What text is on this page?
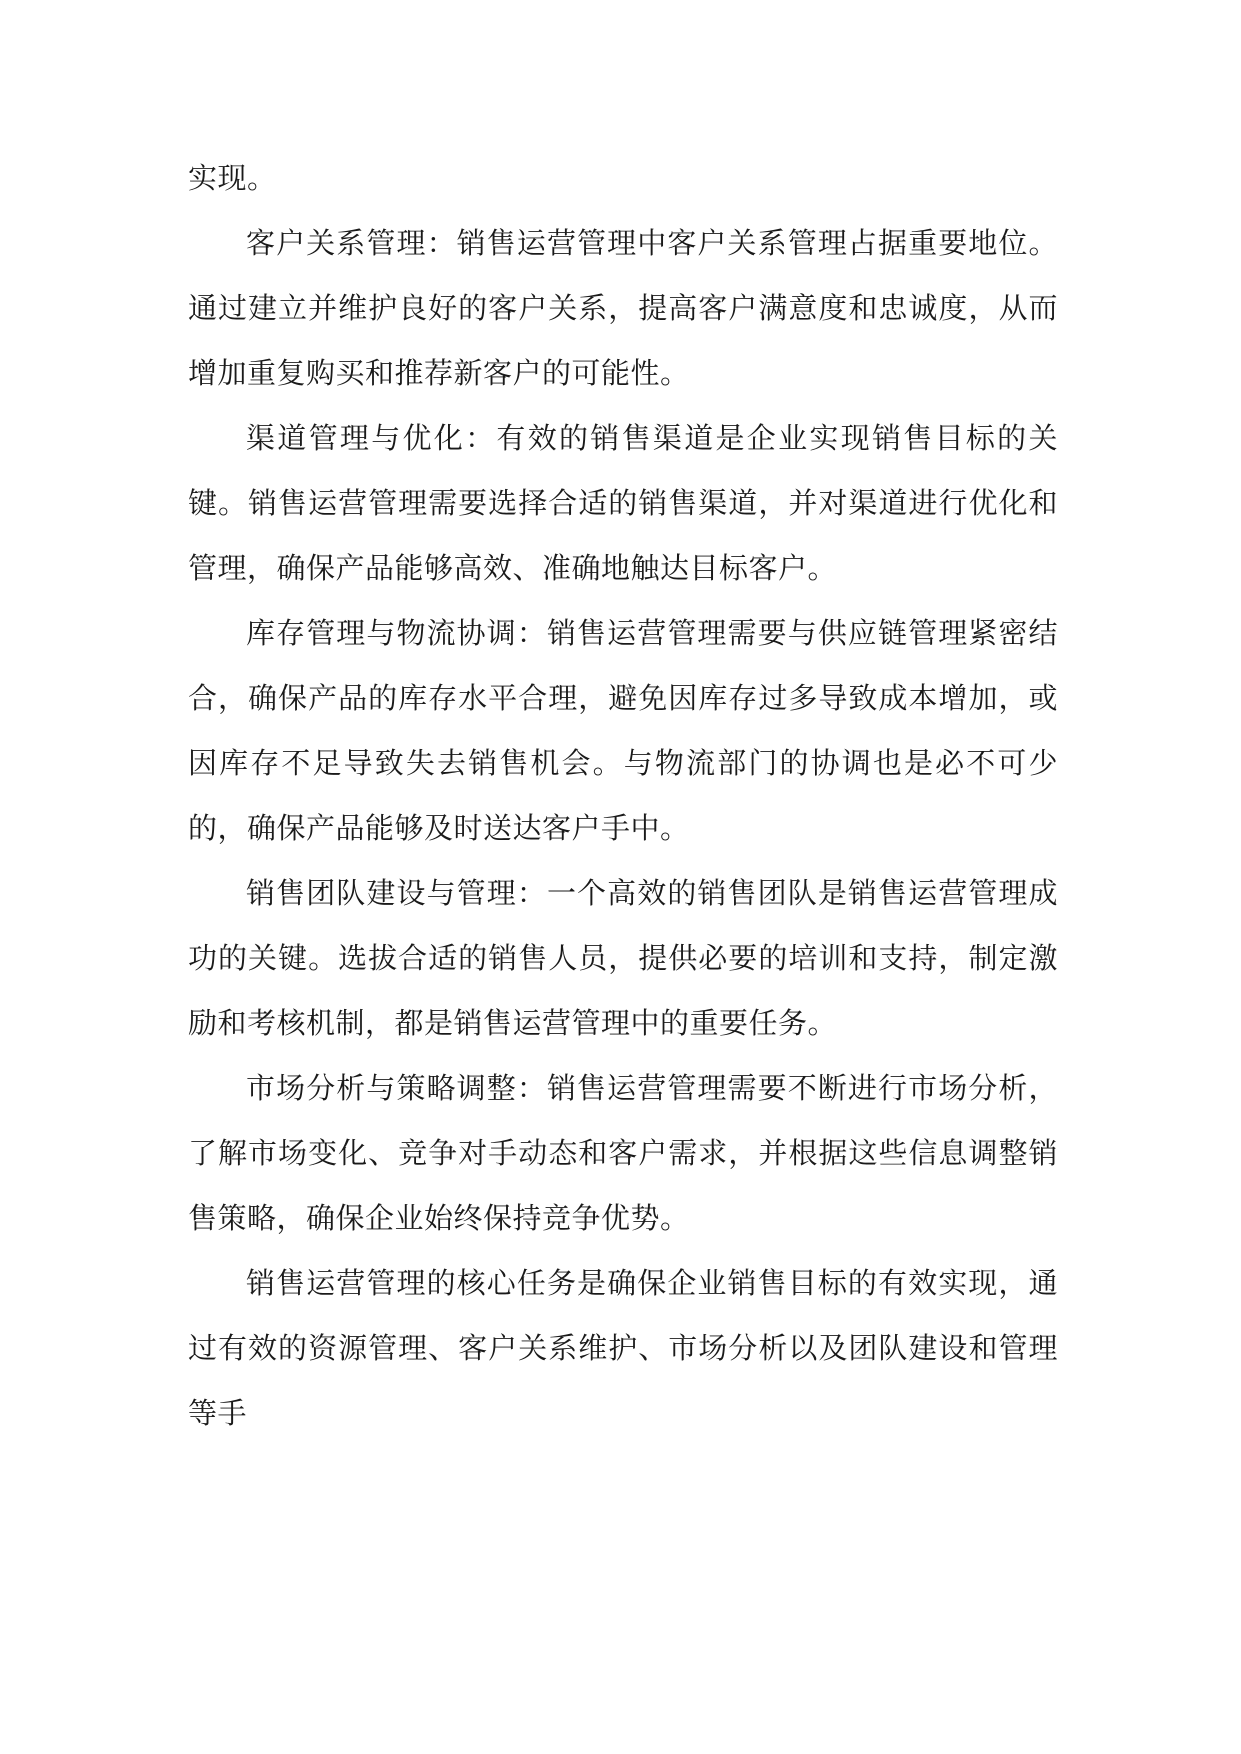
实现。

客户关系管理：销售运营管理中客户关系管理占据重要地位。通过建立并维护良好的客户关系，提高客户满意度和忠诚度，从而增加重复购买和推荐新客户的可能性。

渠道管理与优化：有效的销售渠道是企业实现销售目标的关键。销售运营管理需要选择合适的销售渠道，并对渠道进行优化和管理，确保产品能够高效、准确地触达目标客户。

库存管理与物流协调：销售运营管理需要与供应链管理紧密结合，确保产品的库存水平合理，避免因库存过多导致成本增加，或因库存不足导致失去销售机会。与物流部门的协调也是必不可少的，确保产品能够及时送达客户手中。

销售团队建设与管理：一个高效的销售团队是销售运营管理成功的关键。选拔合适的销售人员，提供必要的培训和支持，制定激励和考核机制，都是销售运营管理中的重要任务。

市场分析与策略调整：销售运营管理需要不断进行市场分析，了解市场变化、竞争对手动态和客户需求，并根据这些信息调整销售策略，确保企业始终保持竞争优势。

销售运营管理的核心任务是确保企业销售目标的有效实现，通过有效的资源管理、客户关系维护、市场分析以及团队建设和管理等手
